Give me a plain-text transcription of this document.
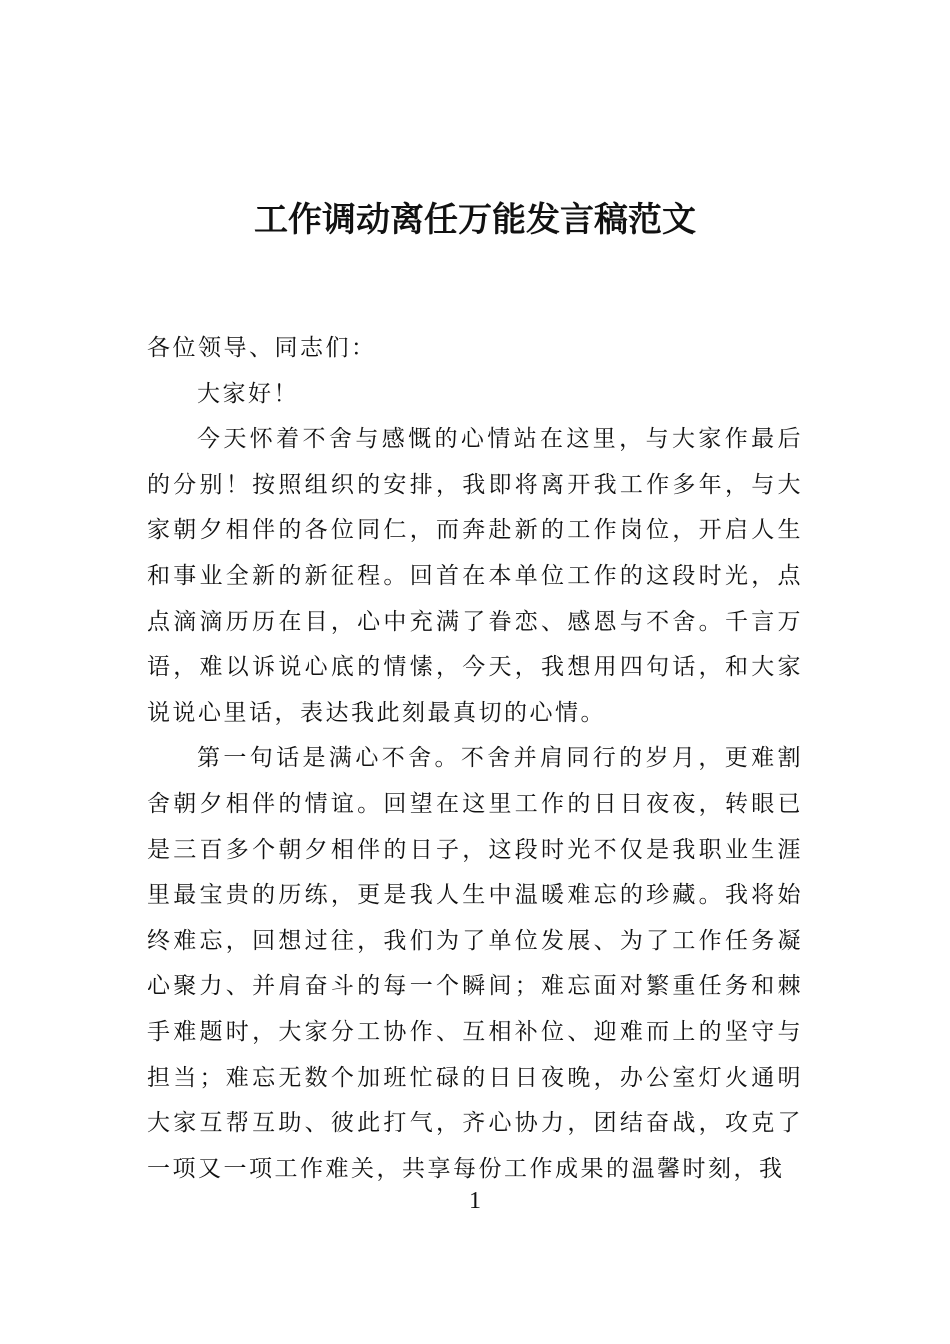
工作调动离任万能发言稿范文

各位领导、同志们：

大家好！

今天怀着不舍与感慨的心情站在这里，与大家作最后的分别！按照组织的安排，我即将离开我工作多年，与大家朝夕相伴的各位同仁，而奔赴新的工作岗位，开启人生和事业全新的新征程。回首在本单位工作的这段时光，点点滴滴历历在目，心中充满了眷恋、感恩与不舍。千言万语，难以诉说心底的情愫，今天，我想用四句话，和大家说说心里话，表达我此刻最真切的心情。

第一句话是满心不舍。不舍并肩同行的岁月，更难割舍朝夕相伴的情谊。回望在这里工作的日日夜夜，转眼已是三百多个朝夕相伴的日子，这段时光不仅是我职业生涯里最宝贵的历练，更是我人生中温暖难忘的珍藏。我将始终难忘，回想过往，我们为了单位发展、为了工作任务凝心聚力、并肩奋斗的每一个瞬间；难忘面对繁重任务和棘手难题时，大家分工协作、互相补位、迎难而上的坚守与担当；难忘无数个加班忙碌的日日夜晚，办公室灯火通明大家互帮互助、彼此打气，齐心协力，团结奋战，攻克了一项又一项工作难关，共享每份工作成果的温馨时刻，我

1
